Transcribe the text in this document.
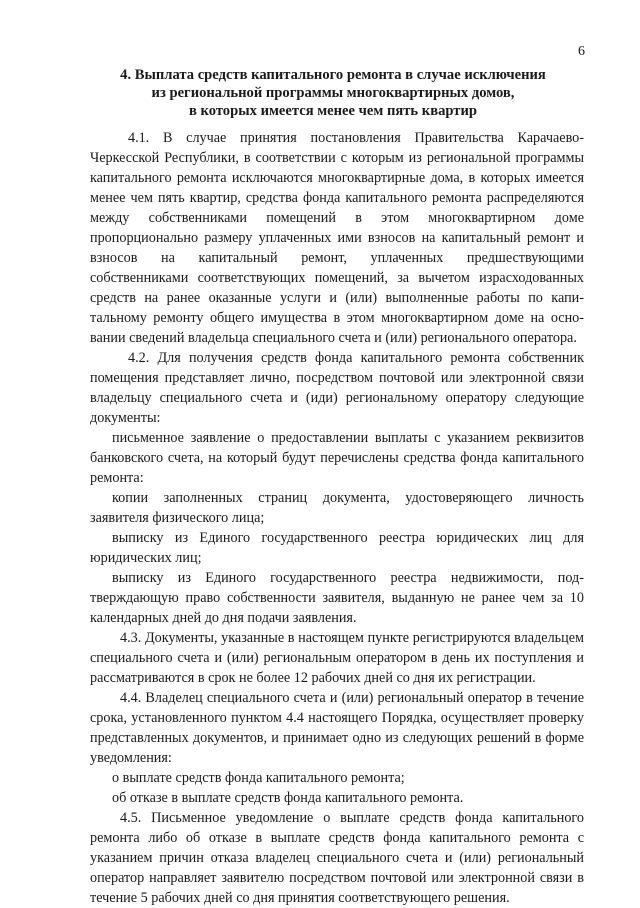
6
4. Выплата средств капитального ремонта в случае исключения
из региональной программы многоквартирных домов,
в которых имеется менее чем пять квартир

4.1. В случае принятия постановления Правительства Карачаево-Черкесской Республики, в соответствии с которым из региональной программы капитального ремонта исключаются многоквартирные дома, в которых имеется менее чем пять квартир, средства фонда капитального ремонта распределяются между собственниками помещений в этом многоквартирном доме пропорционально размеру уплаченных ими взносов на капитальный ремонт и взносов на капитальный ремонт, уплаченных предшествующими собственниками соответствующих помещений, за вычетом израсходованных средств на ранее оказанные услуги и (или) выполненные работы по капитальному ремонту общего имущества в этом многоквартирном доме на основании сведений владельца специального счета и (или) регионального оператора.

4.2. Для получения средств фонда капитального ремонта собственник помещения представляет лично, посредством почтовой или электронной связи владельцу специального счета и (иди) региональному оператору следующие документы:

письменное заявление о предоставлении выплаты с указанием реквизитов банковского счета, на который будут перечислены средства фонда капитального ремонта:

копии заполненных страниц документа, удостоверяющего личность заявителя физического лица;

выписку из Единого государственного реестра юридических лиц для юридических лиц;

выписку из Единого государственного реестра недвижимости, подтверждающую право собственности заявителя, выданную не ранее чем за 10 календарных дней до дня подачи заявления.

4.3. Документы, указанные в настоящем пункте регистрируются владельцем специального счета и (или) региональным оператором в день их поступления и рассматриваются в срок не более 12 рабочих дней со дня их регистрации.

4.4. Владелец специального счета и (или) региональный оператор в течение срока, установленного пунктом 4.4 настоящего Порядка, осуществляет проверку представленных документов, и принимает одно из следующих решений в форме уведомления:

о выплате средств фонда капитального ремонта;

об отказе в выплате средств фонда капитального ремонта.

4.5. Письменное уведомление о выплате средств фонда капитального ремонта либо об отказе в выплате средств фонда капитального ремонта с указанием причин отказа владелец специального счета и (или) региональный оператор направляет заявителю посредством почтовой или электронной связи в течение 5 рабочих дней со дня принятия соответствующего решения.
